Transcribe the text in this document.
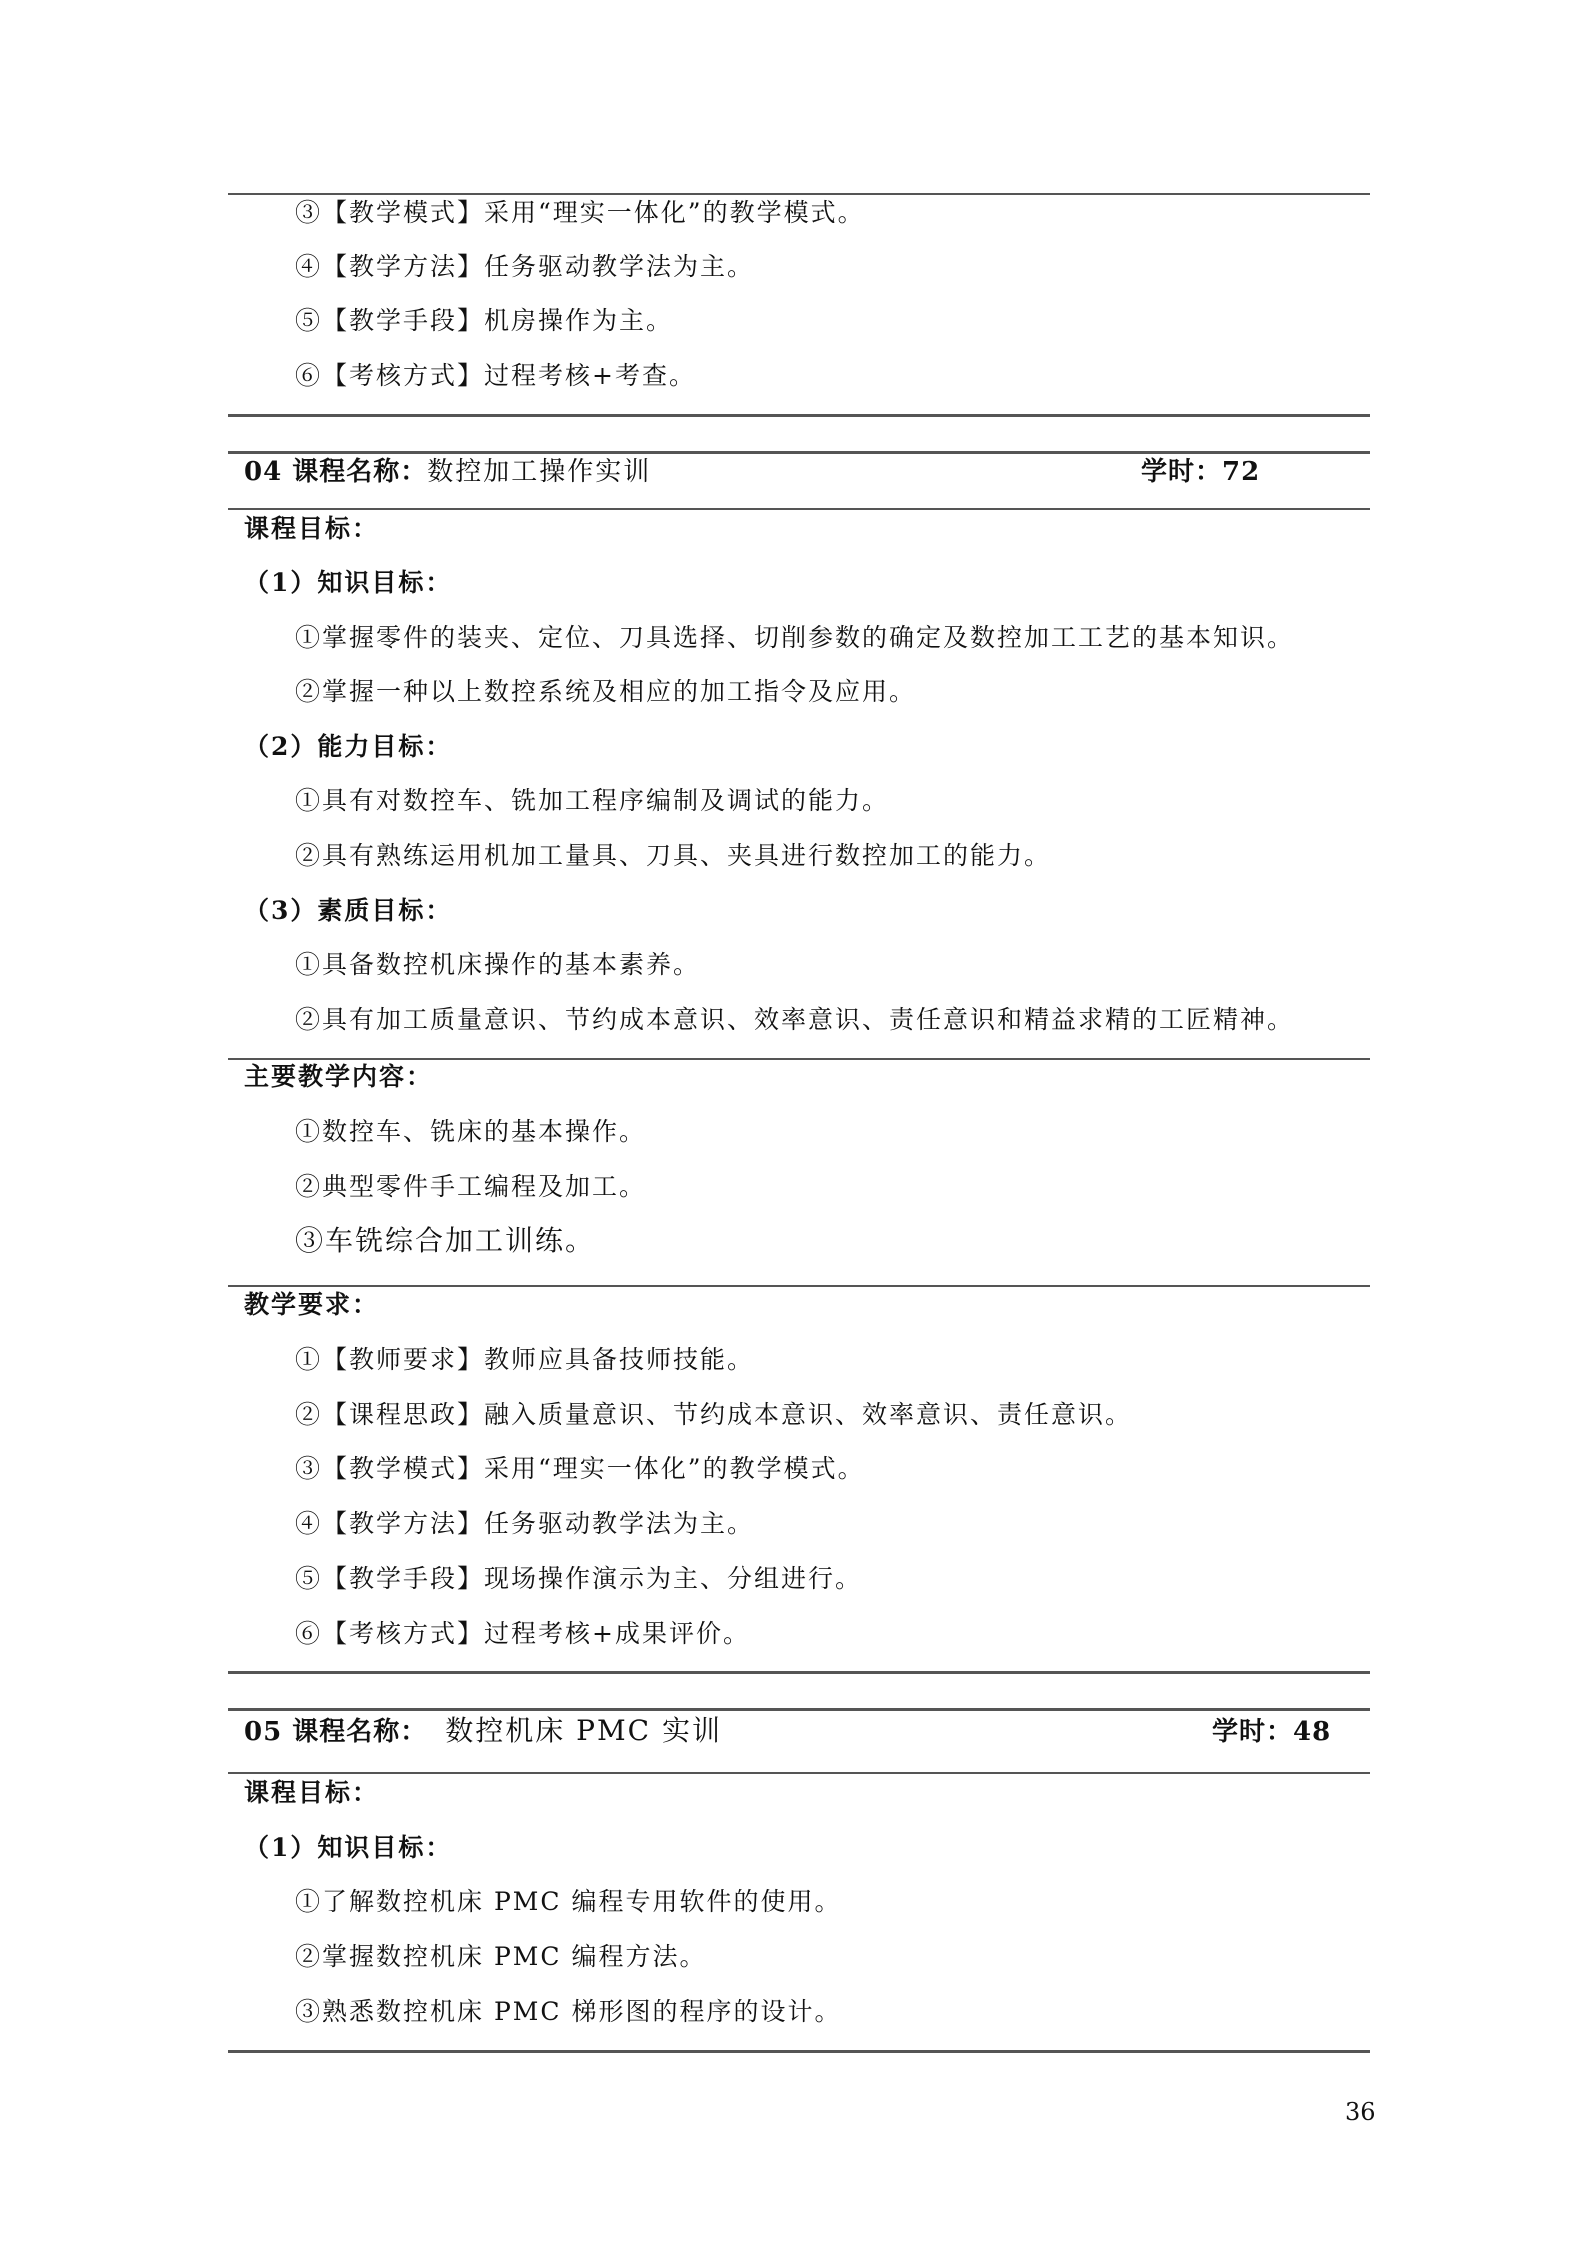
③【教学模式】采用“理实一体化”的教学模式。
④【教学方法】任务驱动教学法为主。
⑤【教学手段】机房操作为主。
⑥【考核方式】过程考核+考查。
04 课程名称：数控加工操作实训	学时：72
课程目标：
（1）知识目标：
①掌握零件的装夹、定位、刀具选择、切削参数的确定及数控加工工艺的基本知识。
②掌握一种以上数控系统及相应的加工指令及应用。
（2）能力目标：
①具有对数控车、铣加工程序编制及调试的能力。
②具有熟练运用机加工量具、刀具、夹具进行数控加工的能力。
（3）素质目标：
①具备数控机床操作的基本素养。
②具有加工质量意识、节约成本意识、效率意识、责任意识和精益求精的工匠精神。
主要教学内容：
①数控车、铣床的基本操作。
②典型零件手工编程及加工。
③车铣综合加工训练。
教学要求：
①【教师要求】教师应具备技师技能。
②【课程思政】融入质量意识、节约成本意识、效率意识、责任意识。
③【教学模式】采用“理实一体化”的教学模式。
④【教学方法】任务驱动教学法为主。
⑤【教学手段】现场操作演示为主、分组进行。
⑥【考核方式】过程考核+成果评价。
05 课程名称： 数控机床 PMC 实训	学时：48
课程目标：
（1）知识目标：
①了解数控机床 PMC 编程专用软件的使用。
②掌握数控机床 PMC 编程方法。
③熟悉数控机床 PMC 梯形图的程序的设计。
36
